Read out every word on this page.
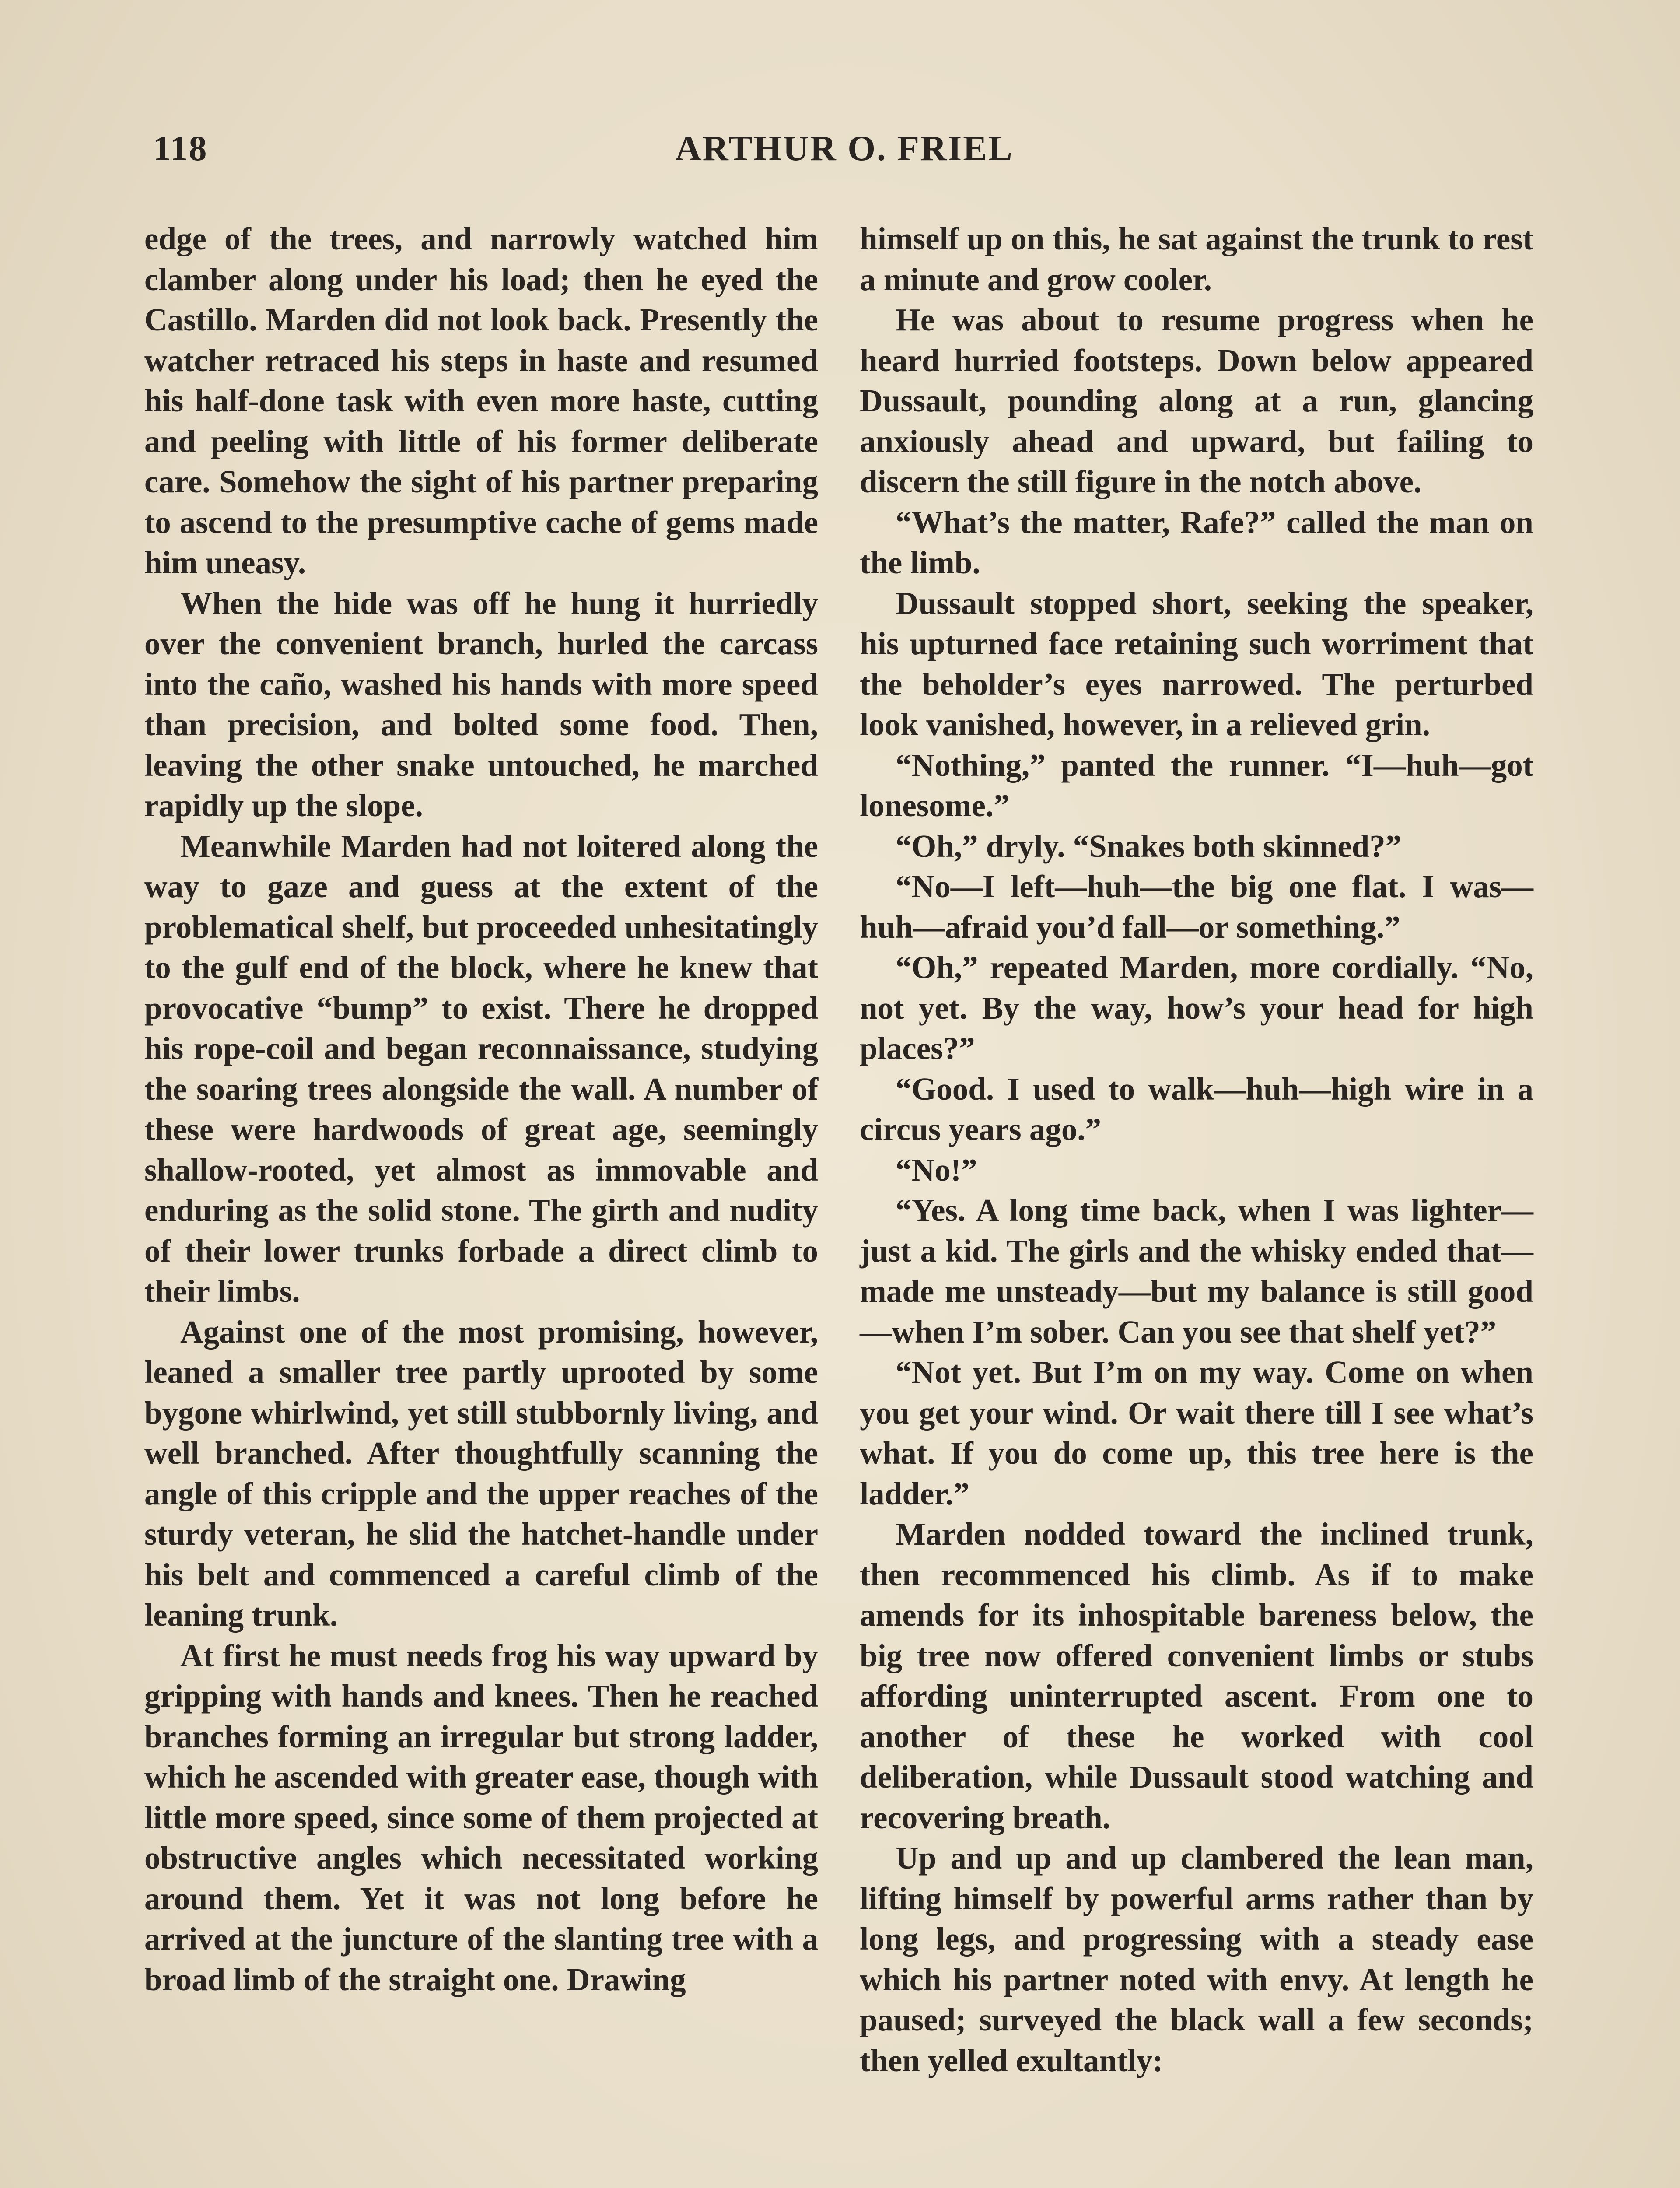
118	ARTHUR O. FRIEL

edge of the trees, and narrowly watched him clamber along under his load; then he eyed the Castillo. Marden did not look back. Presently the watcher retraced his steps in haste and resumed his half-done task with even more haste, cutting and peeling with little of his former deliberate care. Somehow the sight of his partner preparing to ascend to the presumptive cache of gems made him uneasy.

When the hide was off he hung it hurriedly over the convenient branch, hurled the carcass into the caño, washed his hands with more speed than precision, and bolted some food. Then, leaving the other snake untouched, he marched rapidly up the slope.

Meanwhile Marden had not loitered along the way to gaze and guess at the extent of the problematical shelf, but proceeded unhesitatingly to the gulf end of the block, where he knew that provocative “bump” to exist. There he dropped his rope-coil and began reconnaissance, studying the soaring trees alongside the wall. A number of these were hardwoods of great age, seemingly shallow-rooted, yet almost as immovable and enduring as the solid stone. The girth and nudity of their lower trunks forbade a direct climb to their limbs.

Against one of the most promising, however, leaned a smaller tree partly uprooted by some bygone whirlwind, yet still stubbornly living, and well branched. After thoughtfully scanning the angle of this cripple and the upper reaches of the sturdy veteran, he slid the hatchet-handle under his belt and commenced a careful climb of the leaning trunk.

At first he must needs frog his way upward by gripping with hands and knees. Then he reached branches forming an irregular but strong ladder, which he ascended with greater ease, though with little more speed, since some of them projected at obstructive angles which necessitated working around them. Yet it was not long before he arrived at the juncture of the slanting tree with a broad limb of the straight one. Drawing

himself up on this, he sat against the trunk to rest a minute and grow cooler.

He was about to resume progress when he heard hurried footsteps. Down below appeared Dussault, pounding along at a run, glancing anxiously ahead and upward, but failing to discern the still figure in the notch above.

“What’s the matter, Rafe?” called the man on the limb.

Dussault stopped short, seeking the speaker, his upturned face retaining such worriment that the beholder’s eyes narrowed. The perturbed look vanished, however, in a relieved grin.

“Nothing,” panted the runner. “I—huh—got lonesome.”

“Oh,” dryly. “Snakes both skinned?”

“No—I left—huh—the big one flat. I was—huh—afraid you’d fall—or something.”

“Oh,” repeated Marden, more cordially. “No, not yet. By the way, how’s your head for high places?”

“Good. I used to walk—huh—high wire in a circus years ago.”

“No!”

“Yes. A long time back, when I was lighter—just a kid. The girls and the whisky ended that—made me unsteady—but my balance is still good—when I’m sober. Can you see that shelf yet?”

“Not yet. But I’m on my way. Come on when you get your wind. Or wait there till I see what’s what. If you do come up, this tree here is the ladder.”

Marden nodded toward the inclined trunk, then recommenced his climb. As if to make amends for its inhospitable bareness below, the big tree now offered convenient limbs or stubs affording uninterrupted ascent. From one to another of these he worked with cool deliberation, while Dussault stood watching and recovering breath.

Up and up and up clambered the lean man, lifting himself by powerful arms rather than by long legs, and progressing with a steady ease which his partner noted with envy. At length he paused; surveyed the black wall a few seconds; then yelled exultantly:
